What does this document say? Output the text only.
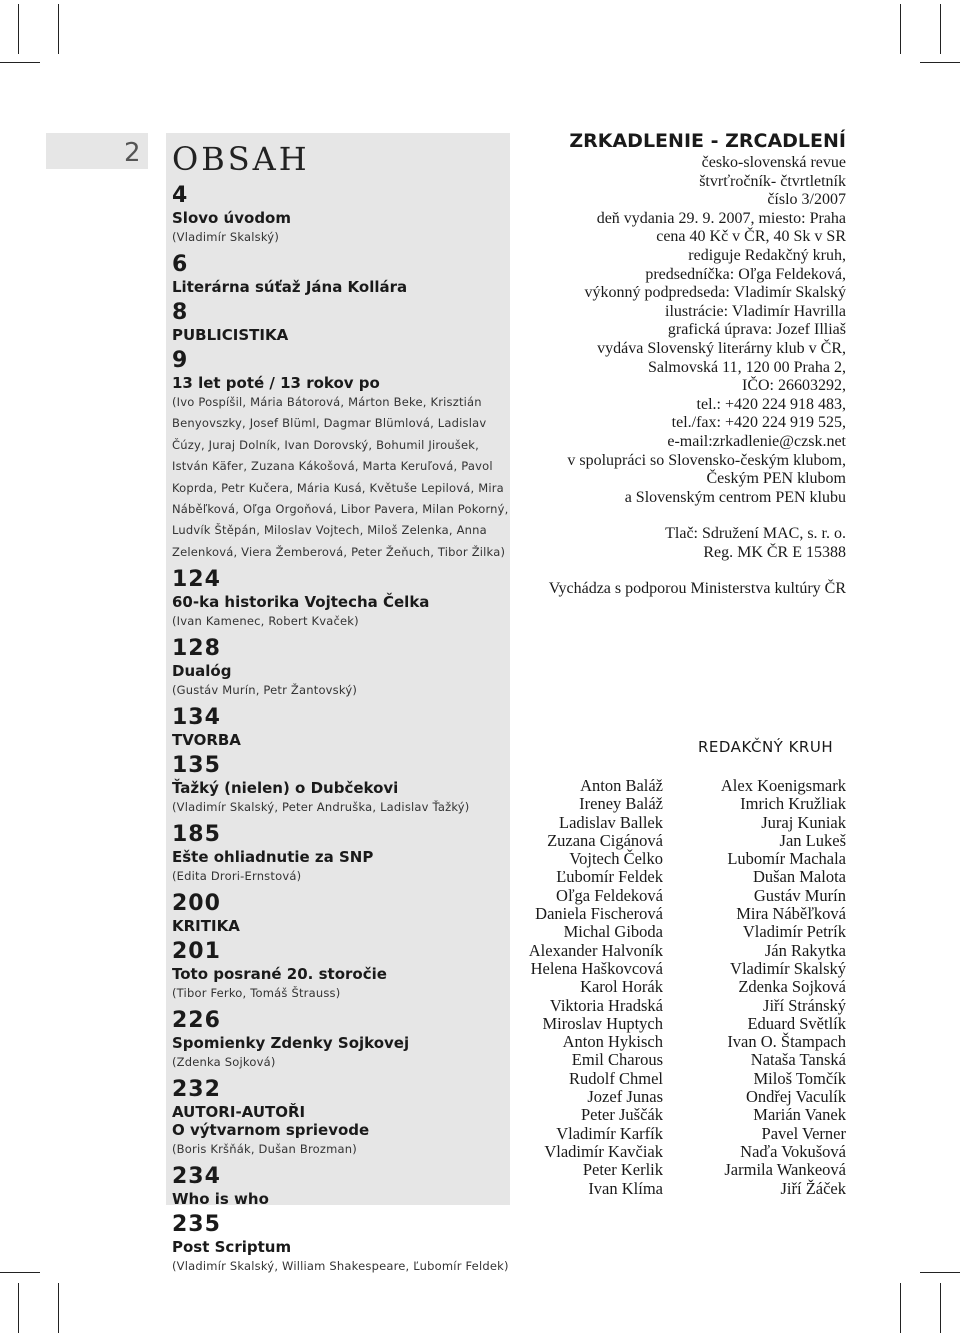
2 OBSAH
4
Slovo úvodom
(Vladimír Skalský)
6
Literárna súťaž Jána Kollára
8
PUBLICISTIKA
9
13 let poté / 13 rokov po
(Ivo Pospíšil, Mária Bátorová, Márton Beke, Krisztián Benyovszky, Josef Blüml, Dagmar Blümlová, Ladislav Čúzy, Juraj Dolník, Ivan Dorovský, Bohumil Jiroušek, István Käfer, Zuzana Kákošová, Marta Keruľová, Pavol Koprda, Petr Kučera, Mária Kusá, Květuše Lepilová, Mira Náběľková, Oľga Orgoňová, Libor Pavera, Milan Pokorný, Ludvík Štěpán, Miloslav Vojtech, Miloš Zelenka, Anna Zelenková, Viera Žemberová, Peter Žeňuch, Tibor Žilka)
124
60-ka historika Vojtecha Čelka
(Ivan Kamenec, Robert Kvaček)
128
Dualóg
(Gustáv Murín, Petr Žantovský)
134
TVORBA
135
Ťažký (nielen) o Dubčekovi
(Vladimír Skalský, Peter Andruška, Ladislav Ťažký)
185
Ešte ohliadnutie za SNP
(Edita Drori-Ernstová)
200
KRITIKA
201
Toto posrané 20. storočie
(Tibor Ferko, Tomáš Štrauss)
226
Spomienky Zdenky Sojkovej
(Zdenka Sojková)
232
AUTORI-AUTOŘI
O výtvarnom sprievode
(Boris Kršňák, Dušan Brozman)
234
Who is who
235
Post Scriptum
(Vladimír Skalský, William Shakespeare, Ľubomír Feldek)
ZRKADLENIE - ZRCADLENÍ
česko-slovenská revue
štvrťročník- čtvrtletník
číslo 3/2007
deň vydania 29. 9. 2007, miesto: Praha
cena 40 Kč v ČR, 40 Sk v SR
rediguje Redakčný kruh,
predsedníčka: Oľga Feldeková,
výkonný podpredseda: Vladimír Skalský
ilustrácie: Vladimír Havrilla
grafická úprava: Jozef Illiaš
vydáva Slovenský literárny klub v ČR,
Salmovská 11, 120 00 Praha 2,
IČO: 26603292,
tel.: +420 224 918 483,
tel./fax: +420 224 919 525,
e-mail:zrkadlenie@czsk.net
v spolupráci so Slovensko-českým klubom,
Českým PEN klubom
a Slovenským centrom PEN klubu
Tlač: Sdružení MAC, s. r. o.
Reg. MK ČR E 15388
Vychádza s podporou Ministerstva kultúry ČR
REDAKČNÝ KRUH
Anton Baláž
Ireney Baláž
Ladislav Ballek
Zuzana Cigánová
Vojtech Čelko
Ľubomír Feldek
Oľga Feldeková
Daniela Fischerová
Michal Giboda
Alexander Halvoník
Helena Haškovcová
Karol Horák
Viktoria Hradská
Miroslav Huptych
Anton Hykisch
Emil Charous
Rudolf Chmel
Jozef Junas
Peter Juščák
Vladimír Karfík
Vladimír Kavčiak
Peter Kerlik
Ivan Klíma
Alex Koenigsmark
Imrich Kružliak
Juraj Kuniak
Jan Lukeš
Lubomír Machala
Dušan Malota
Gustáv Murín
Mira Náběľková
Vladimír Petrík
Ján Rakytka
Vladimír Skalský
Zdenka Sojková
Jiří Stránský
Eduard Světlík
Ivan O. Štampach
Nataša Tanská
Miloš Tomčík
Ondřej Vaculík
Marián Vanek
Pavel Verner
Naďa Vokušová
Jarmila Wankeová
Jiří Žáček
